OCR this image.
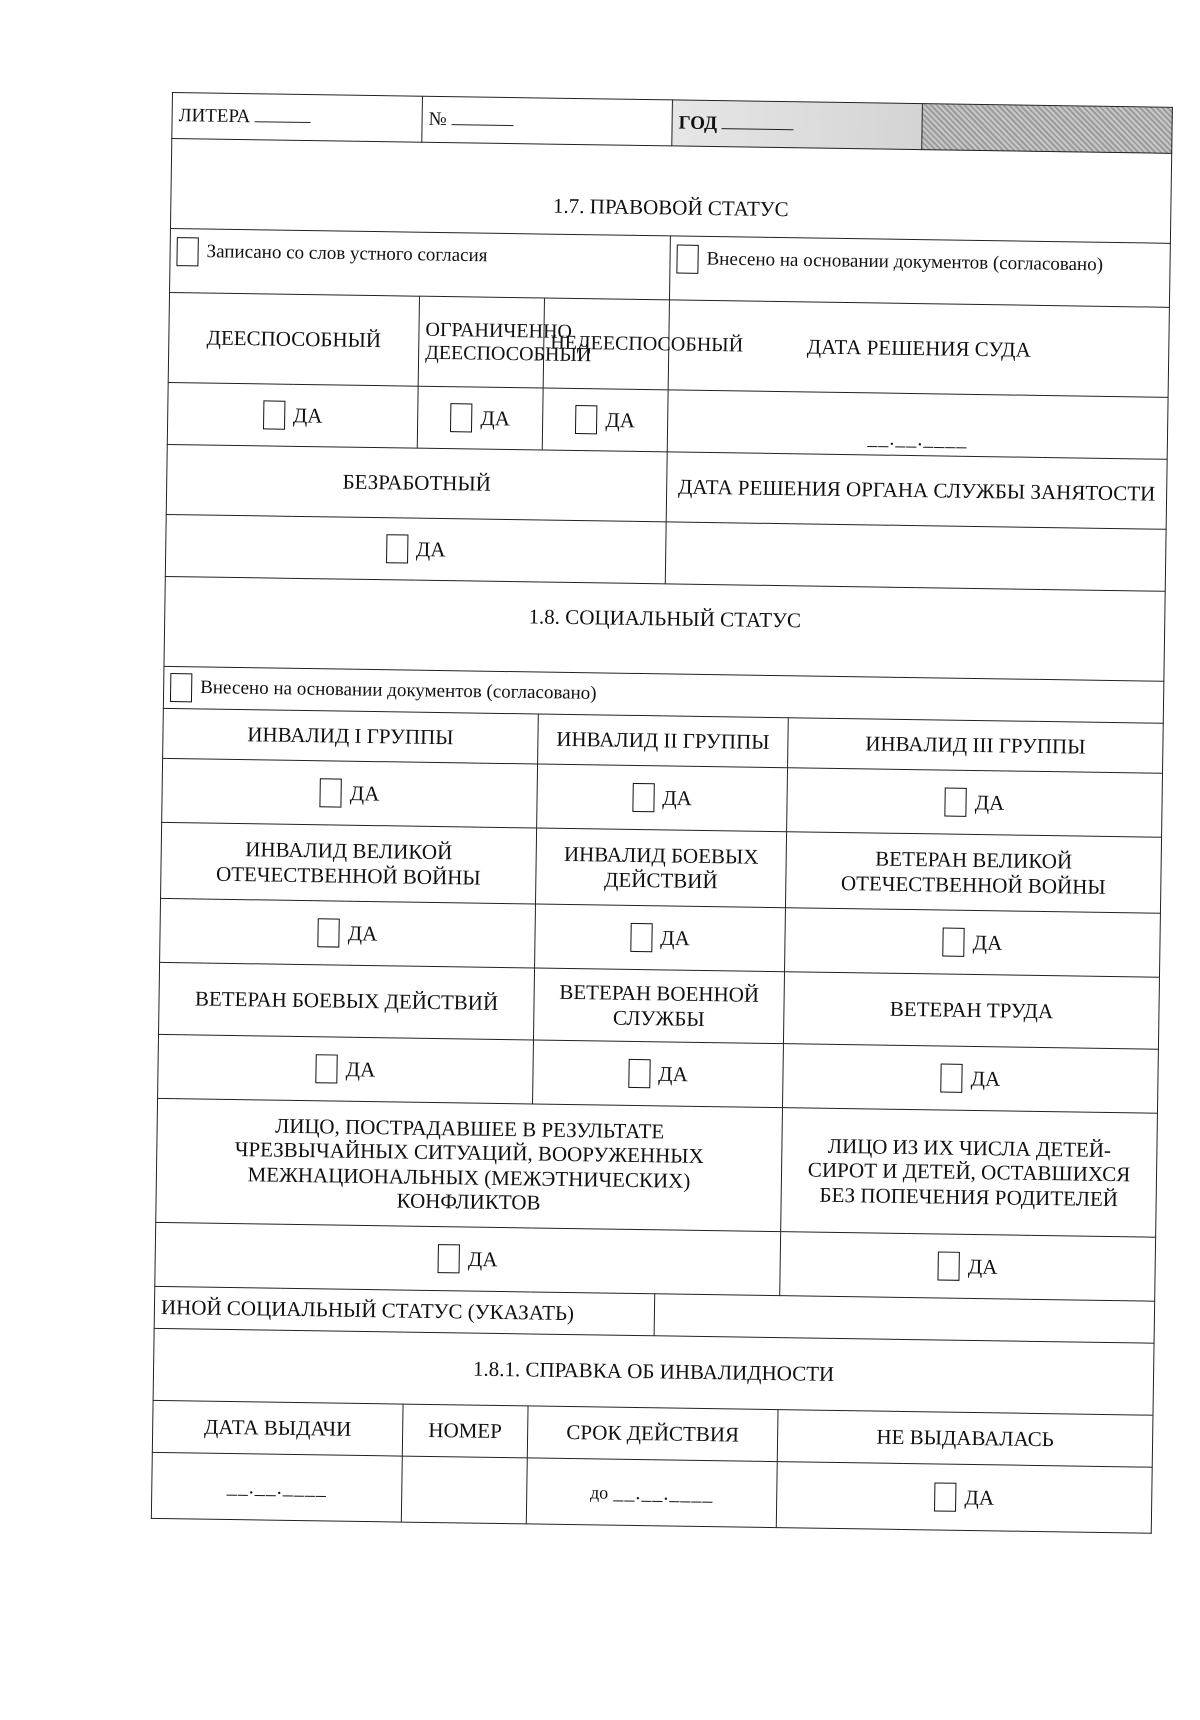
ЛИТЕРА	№		ГОД		
1.7. ПРАВОВОЙ СТАТУС					
Записано со слов устного согласия			Внесено на основании документов (согласовано)		
ДЕЕСПОСОБНЫЙ	ОГРАНИЧЕННО ДЕЕСПОСОБНЫЙ	НЕДЕЕСПОСОБНЫЙ	ДАТА РЕШЕНИЯ СУДА		
ДА	ДА	ДА	__.__.____		
БЕЗРАБОТНЫЙ			ДАТА РЕШЕНИЯ ОРГАНА СЛУЖБЫ ЗАНЯТОСТИ		
ДА					
1.8. СОЦИАЛЬНЫЙ СТАТУС					
Внесено на основании документов (согласовано)					
ИНВАЛИД I ГРУППЫ		ИНВАЛИД II ГРУППЫ		ИНВАЛИД III ГРУППЫ	
ДА		ДА		ДА	
ИНВАЛИД ВЕЛИКОЙ ОТЕЧЕСТВЕННОЙ ВОЙНЫ		ИНВАЛИД БОЕВЫХ ДЕЙСТВИЙ		ВЕТЕРАН ВЕЛИКОЙ ОТЕЧЕСТВЕННОЙ ВОЙНЫ	
ДА		ДА		ДА	
ВЕТЕРАН БОЕВЫХ ДЕЙСТВИЙ		ВЕТЕРАН ВОЕННОЙ СЛУЖБЫ		ВЕТЕРАН ТРУДА	
ДА		ДА		ДА	
ЛИЦО, ПОСТРАДАВШЕЕ В РЕЗУЛЬТАТЕ ЧРЕЗВЫЧАЙНЫХ СИТУАЦИЙ, ВООРУЖЕННЫХ МЕЖНАЦИОНАЛЬНЫХ (МЕЖЭТНИЧЕСКИХ) КОНФЛИКТОВ				ЛИЦО ИЗ ИХ ЧИСЛА ДЕТЕЙ-СИРОТ И ДЕТЕЙ, ОСТАВШИХСЯ БЕЗ ПОПЕЧЕНИЯ РОДИТЕЛЕЙ	
ДА				ДА	
ИНОЙ СОЦИАЛЬНЫЙ СТАТУС (УКАЗАТЬ)					
1.8.1. СПРАВКА ОБ ИНВАЛИДНОСТИ					
ДАТА ВЫДАЧИ	НОМЕР	СРОК ДЕЙСТВИЯ		НЕ ВЫДАВАЛАСЬ	
__.__.____		до __.__.____		ДА	
